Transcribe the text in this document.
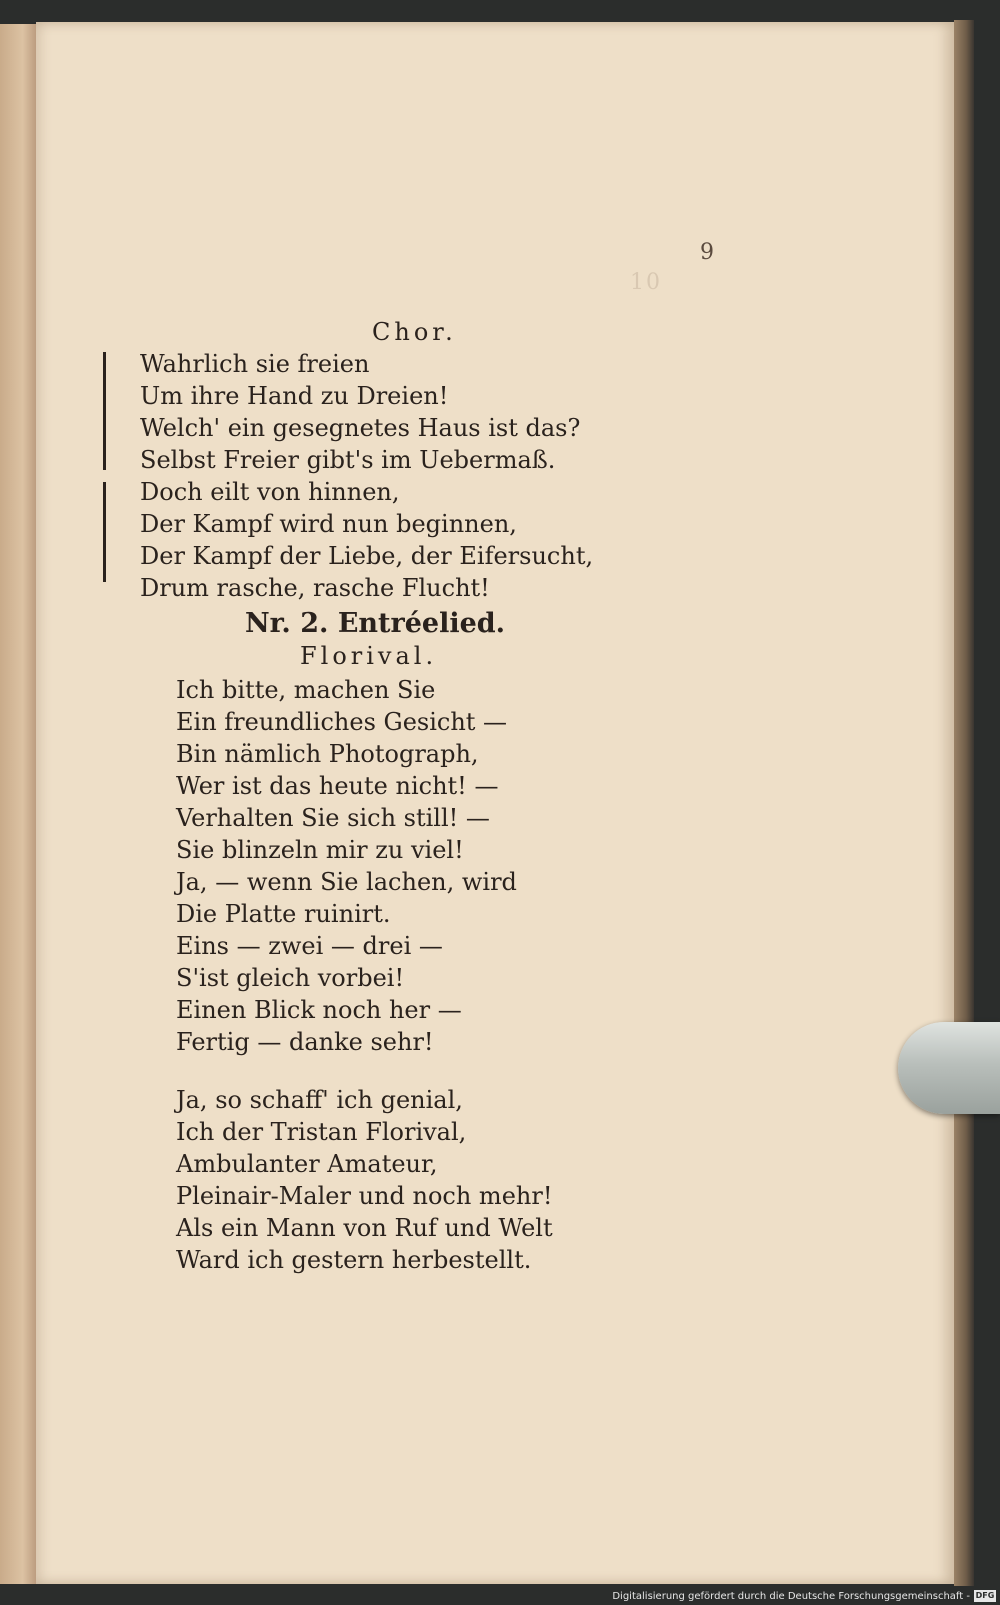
9
10
Chor.
Wahrlich sie freien
Um ihre Hand zu Dreien!
Welch' ein gesegnetes Haus ist das?
Selbst Freier gibt's im Uebermaß.
Doch eilt von hinnen,
Der Kampf wird nun beginnen,
Der Kampf der Liebe, der Eifersucht,
Drum rasche, rasche Flucht!
Nr. 2. Entréelied.
Florival.
Ich bitte, machen Sie
Ein freundliches Gesicht —
Bin nämlich Photograph,
Wer ist das heute nicht! —
Verhalten Sie sich still! —
Sie blinzeln mir zu viel!
Ja, — wenn Sie lachen, wird
Die Platte ruinirt.
Eins — zwei — drei —
S'ist gleich vorbei!
Einen Blick noch her —
Fertig — danke sehr!
Ja, so schaff' ich genial,
Ich der Tristan Florival,
Ambulanter Amateur,
Pleinair-Maler und noch mehr!
Als ein Mann von Ruf und Welt
Ward ich gestern herbestellt.
Digitalisierung gefördert durch die Deutsche Forschungsgemeinschaft - DFG
